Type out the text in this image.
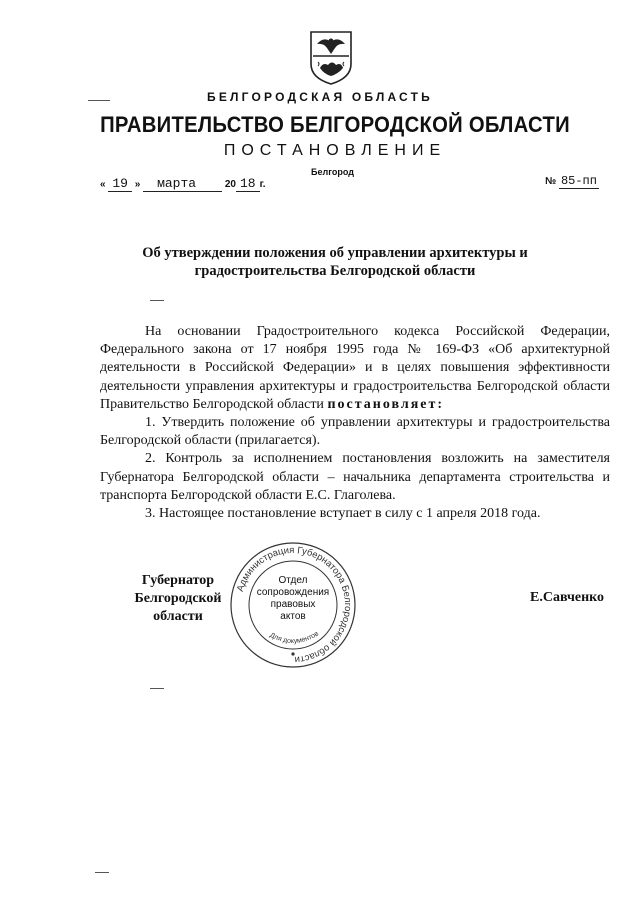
БЕЛГОРОДСКАЯ ОБЛАСТЬ
ПРАВИТЕЛЬСТВО БЕЛГОРОДСКОЙ ОБЛАСТИ
ПОСТАНОВЛЕНИЕ
Белгород
« 19 » марта	20 18 г.	№ 85-пп
Об утверждении положения об управлении архитектуры и градостроительства Белгородской области

На основании Градостроительного кодекса Российской Федерации, Федерального закона от 17 ноября 1995 года № 169-ФЗ «Об архитектурной деятельности в Российской Федерации» и в целях повышения эффективности деятельности управления архитектуры и градостроительства Белгородской области Правительство Белгородской области постановляет:

1. Утвердить положение об управлении архитектуры и градостроительства Белгородской области (прилагается).

2. Контроль за исполнением постановления возложить на заместителя Губернатора Белгородской области – начальника департамента строительства и транспорта Белгородской области Е.С. Глаголева.

3. Настоящее постановление вступает в силу с 1 апреля 2018 года.

Администрация Губернатора Белгородской области
Для документов
Отдел
сопровождения
правовых
актов
Губернатор
Белгородской области
Е.Савченко
